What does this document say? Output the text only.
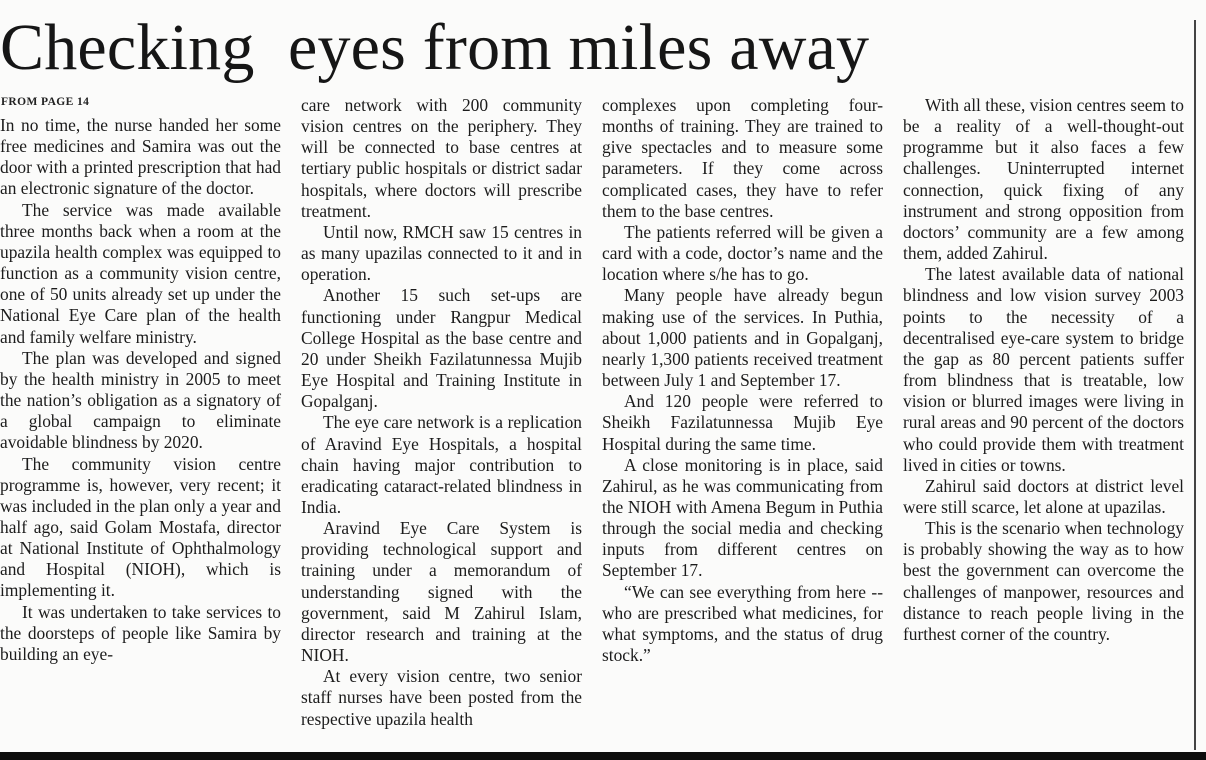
Checking  eyes from miles away
FROM PAGE 14

In no time, the nurse handed her some free medicines and Samira was out the door with a printed prescription that had an electronic signature of the doctor.

The service was made available three months back when a room at the upazila health complex was equipped to function as a community vision centre, one of 50 units already set up under the National Eye Care plan of the health and family welfare ministry.

The plan was developed and signed by the health ministry in 2005 to meet the nation’s obligation as a signatory of a global campaign to eliminate avoidable blindness by 2020.

The community vision centre programme is, however, very recent; it was included in the plan only a year and half ago, said Golam Mostafa, director at National Institute of Ophthalmology and Hospital (NIOH), which is implementing it.

It was undertaken to take services to the doorsteps of people like Samira by building an eye-

care network with 200 community vision centres on the periphery. They will be connected to base centres at tertiary public hospitals or district sadar hospitals, where doctors will prescribe treatment.

Until now, RMCH saw 15 centres in as many upazilas connected to it and in operation.

Another 15 such set-ups are functioning under Rangpur Medical College Hospital as the base centre and 20 under Sheikh Fazilatunnessa Mujib Eye Hospital and Training Institute in Gopalganj.

The eye care network is a replication of Aravind Eye Hospitals, a hospital chain having major contribution to eradicating cataract-related blindness in India.

Aravind Eye Care System is providing technological support and training under a memorandum of understanding signed with the government, said M Zahirul Islam, director research and training at the NIOH.

At every vision centre, two senior staff nurses have been posted from the respective upazila health

complexes upon completing four-months of training. They are trained to give spectacles and to measure some parameters. If they come across complicated cases, they have to refer them to the base centres.

The patients referred will be given a card with a code, doctor’s name and the location where s/he has to go.

Many people have already begun making use of the services. In Puthia, about 1,000 patients and in Gopalganj, nearly 1,300 patients received treatment between July 1 and September 17.

And 120 people were referred to Sheikh Fazilatunnessa Mujib Eye Hospital during the same time.

A close monitoring is in place, said Zahirul, as he was communicating from the NIOH with Amena Begum in Puthia through the social media and checking inputs from different centres on September 17.

“We can see everything from here -- who are prescribed what medicines, for what symptoms, and the status of drug stock.”

With all these, vision centres seem to be a reality of a well-thought-out programme but it also faces a few challenges. Uninterrupted internet connection, quick fixing of any instrument and strong opposition from doctors’ community are a few among them, added Zahirul.

The latest available data of national blindness and low vision survey 2003 points to the necessity of a decentralised eye-care system to bridge the gap as 80 percent patients suffer from blindness that is treatable, low vision or blurred images were living in rural areas and 90 percent of the doctors who could provide them with treatment lived in cities or towns.

Zahirul said doctors at district level were still scarce, let alone at upazilas.

This is the scenario when technology is probably showing the way as to how best the government can overcome the challenges of manpower, resources and distance to reach people living in the furthest corner of the country.
